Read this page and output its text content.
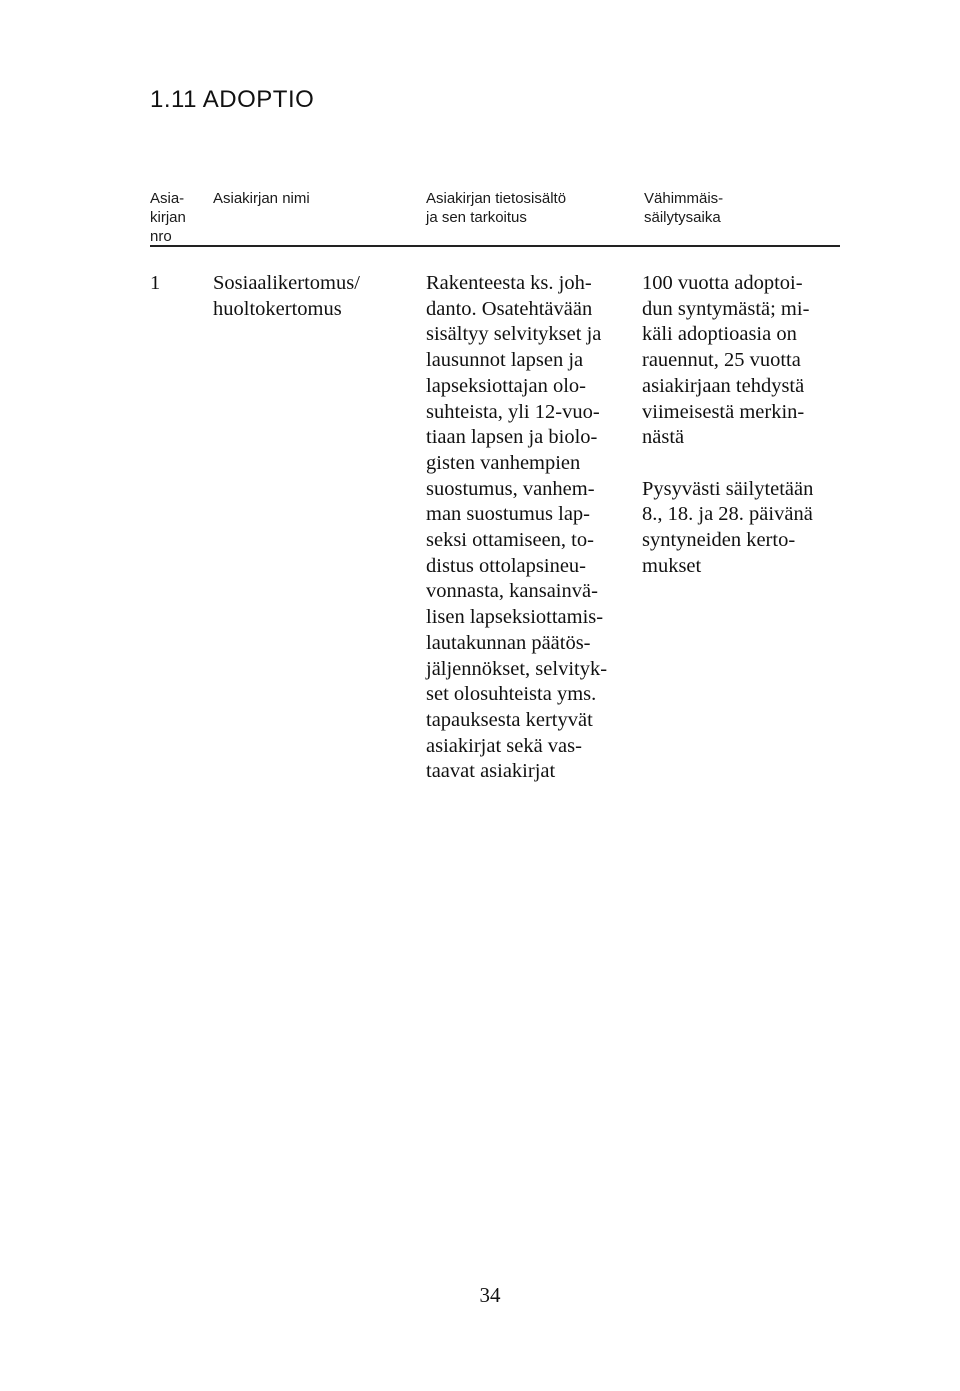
1.11 ADOPTIO
Asia-
kirjan
nro
Asiakirjan nimi	Asiakirjan tietosisältö
ja sen tarkoitus
Vähimmäis-
säilytysaika
1	Sosiaalikertomus/
huoltokertomus
Rakenteesta ks. joh-
danto. Osatehtävään
sisältyy selvitykset ja
lausunnot lapsen ja
lapseksiottajan olo-
suhteista, yli 12-vuo-
tiaan lapsen ja biolo-
gisten vanhempien
suostumus, vanhem-
man suostumus lap-
seksi ottamiseen, to-
distus ottolapsineu-
vonnasta, kansainvä-
lisen lapseksiottamis-
lautakunnan päätös-
jäljennökset, selvityk-
set olosuhteista yms.
tapauksesta kertyvät
asiakirjat sekä vas-
taavat asiakirjat
100 vuotta adoptoi-
dun syntymästä; mi-
käli adoptioasia on
rauennut, 25 vuotta
asiakirjaan tehdystä
viimeisestä merkin-
nästä

Pysyvästi säilytetään
8., 18. ja 28. päivänä
syntyneiden kerto-
mukset
34
